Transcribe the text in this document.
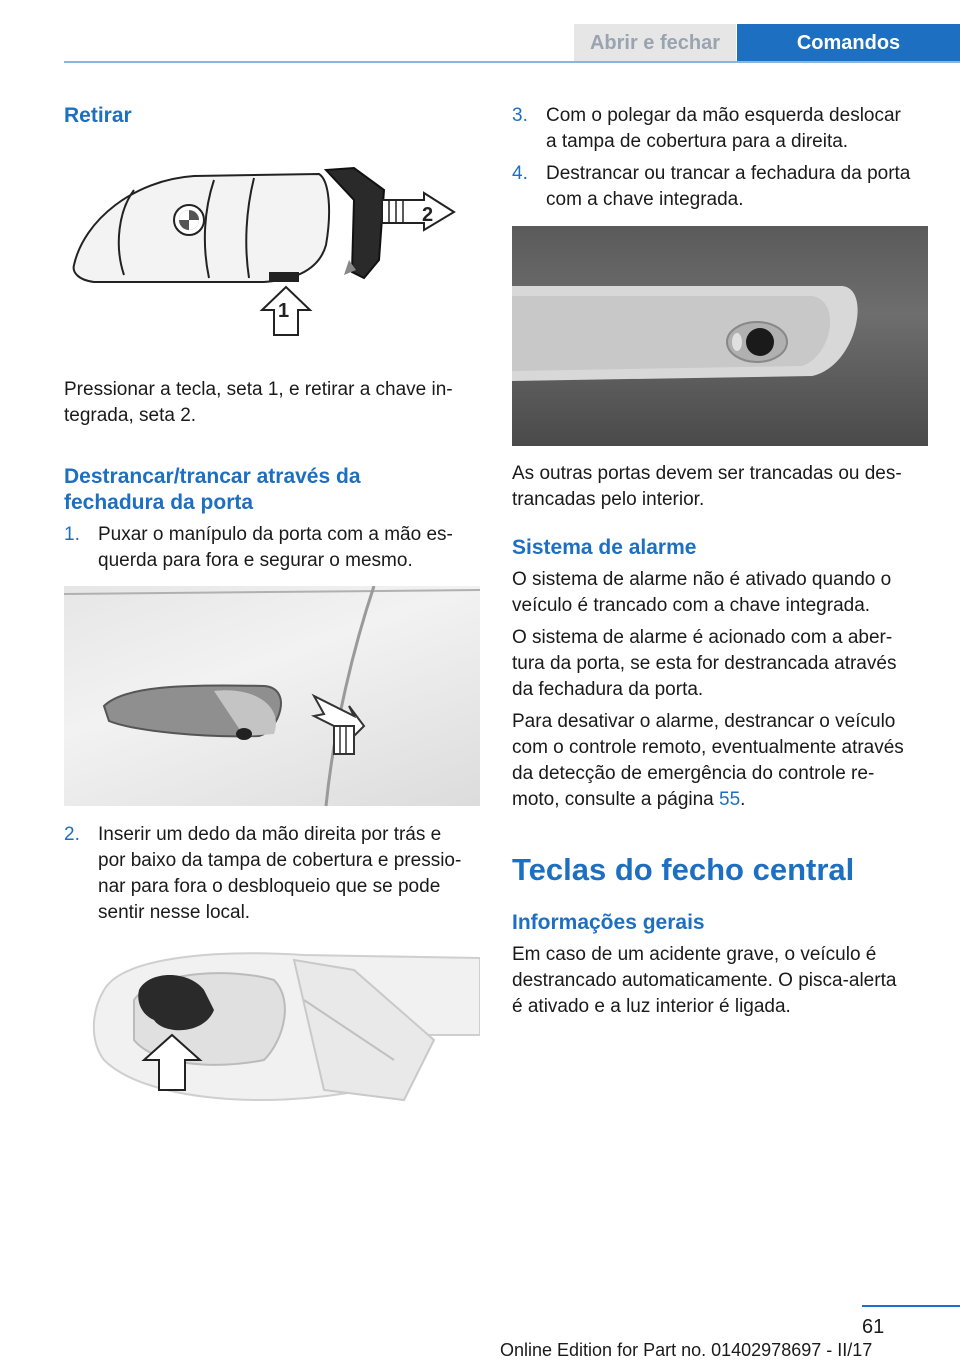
Abrir e fechar	Comandos
Retirar
2
1
Pressionar a tecla, seta 1, e retirar a chave in-
tegrada, seta 2.
Destrancar/trancar através da
fechadura da porta
1. Puxar o manípulo da porta com a mão es-
querda para fora e segurar o mesmo.
2. Inserir um dedo da mão direita por trás e
por baixo da tampa de cobertura e pressio-
nar para fora o desbloqueio que se pode
sentir nesse local.
3. Com o polegar da mão esquerda deslocar
a tampa de cobertura para a direita.
4. Destrancar ou trancar a fechadura da porta
com a chave integrada.
As outras portas devem ser trancadas ou des-
trancadas pelo interior.
Sistema de alarme
O sistema de alarme não é ativado quando o
veículo é trancado com a chave integrada.
O sistema de alarme é acionado com a aber-
tura da porta, se esta for destrancada através
da fechadura da porta.
Para desativar o alarme, destrancar o veículo
com o controle remoto, eventualmente através
da detecção de emergência do controle re-
moto, consulte a página 55.
Teclas do fecho central
Informações gerais
Em caso de um acidente grave, o veículo é
destrancado automaticamente. O pisca-alerta
é ativado e a luz interior é ligada.
61
Online Edition for Part no. 01402978697 - II/17
